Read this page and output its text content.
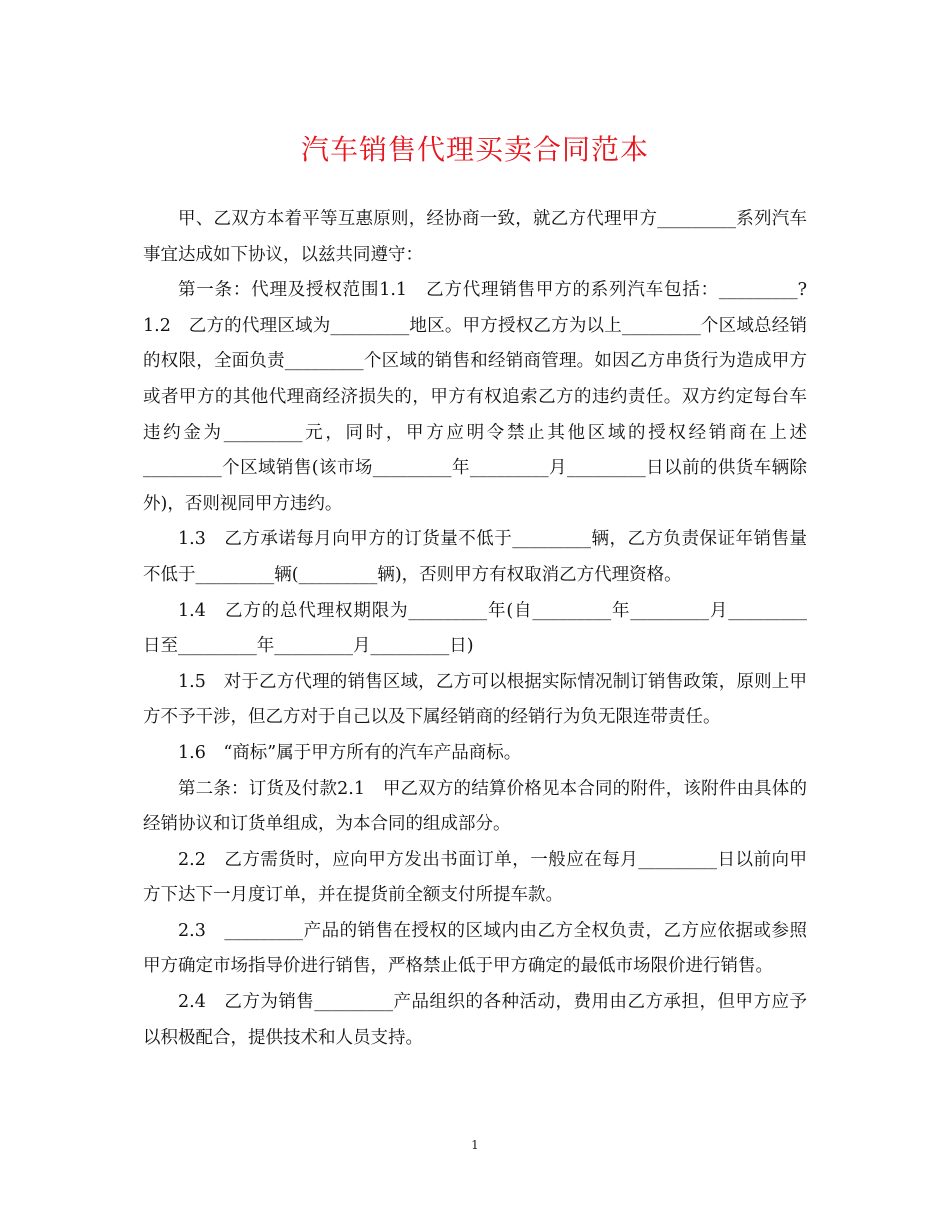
汽车销售代理买卖合同范本

甲、乙双方本着平等互惠原则，经协商一致，就乙方代理甲方_________系列汽车事宜达成如下协议，以兹共同遵守：

第一条：代理及授权范围1.1　乙方代理销售甲方的系列汽车包括：_________?1.2　乙方的代理区域为_________地区。甲方授权乙方为以上_________个区域总经销的权限，全面负责_________个区域的销售和经销商管理。如因乙方串货行为造成甲方或者甲方的其他代理商经济损失的，甲方有权追索乙方的违约责任。双方约定每台车违约金为_________元，同时，甲方应明令禁止其他区域的授权经销商在上述_________个区域销售(该市场_________年_________月_________日以前的供货车辆除外)，否则视同甲方违约。

1.3　乙方承诺每月向甲方的订货量不低于_________辆，乙方负责保证年销售量不低于_________辆(_________辆)，否则甲方有权取消乙方代理资格。

1.4　乙方的总代理权期限为_________年(自_________年_________月_________日至_________年_________月_________日)

1.5　对于乙方代理的销售区域，乙方可以根据实际情况制订销售政策，原则上甲方不予干涉，但乙方对于自己以及下属经销商的经销行为负无限连带责任。

1.6　“商标”属于甲方所有的汽车产品商标。

第二条：订货及付款2.1　甲乙双方的结算价格见本合同的附件，该附件由具体的经销协议和订货单组成，为本合同的组成部分。

2.2　乙方需货时，应向甲方发出书面订单，一般应在每月_________日以前向甲方下达下一月度订单，并在提货前全额支付所提车款。

2.3　_________产品的销售在授权的区域内由乙方全权负责，乙方应依据或参照甲方确定市场指导价进行销售，严格禁止低于甲方确定的最低市场限价进行销售。

2.4　乙方为销售_________产品组织的各种活动，费用由乙方承担，但甲方应予以积极配合，提供技术和人员支持。

1
